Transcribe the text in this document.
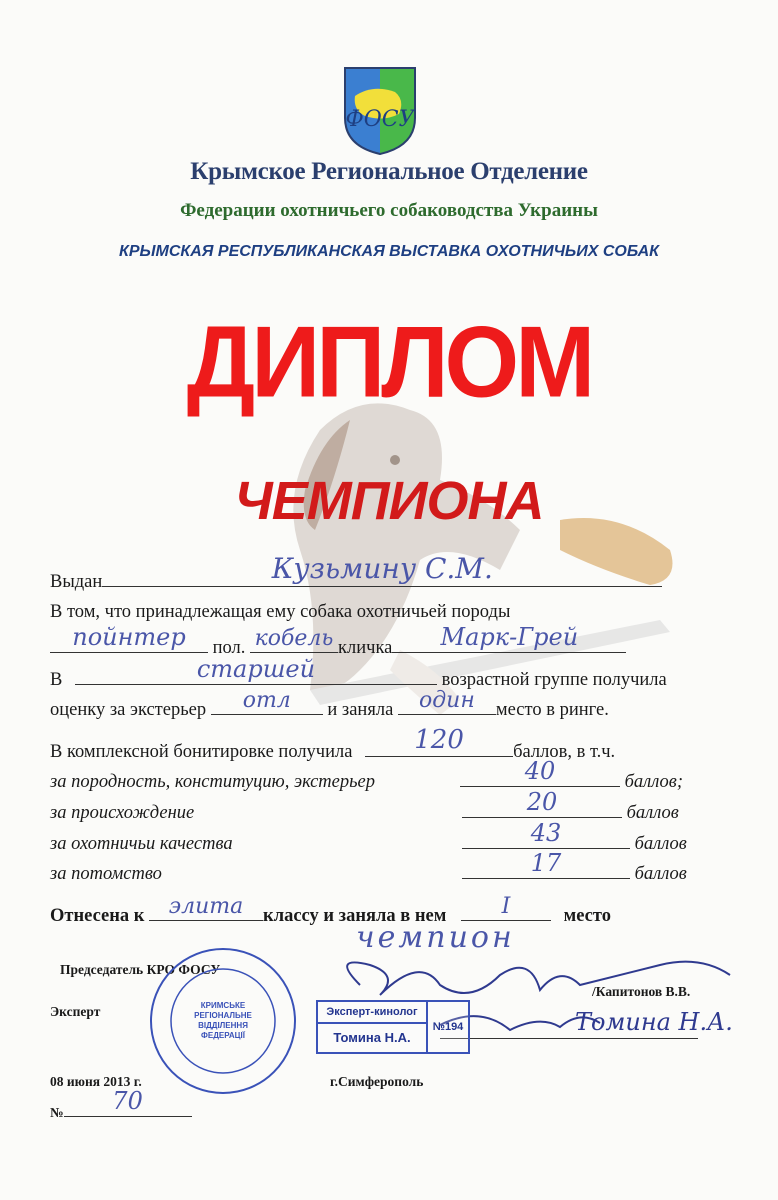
ФОСУ
Крымское Региональное Отделение
Федерации охотничьего собаководства Украины
КРЫМСКАЯ РЕСПУБЛИКАНСКАЯ ВЫСТАВКА ОХОТНИЧЬИХ СОБАК
ДИПЛОМ
ЧЕМПИОНА
Выдан	Кузьмину С.М.
В том, что принадлежащая ему собака охотничьей породы
пойнтер	пол. кобель кличка	Марк-Грей
В	старшей	возрастной группе получила
оценку за экстерьер	отл	и заняла	один	место в ринге.
В комплексной бонитировке получила	120	баллов, в т.ч.
за породность, конституцию, экстерьер	40	баллов;
за происхождение	20	баллов
за охотничьи качества	43	баллов
за потомство	17	баллов
Отнесена к	элита	классу и заняла в нем	I	место
чемпион
Председатель КРО ФОСУ
/Капитонов В.В.
Эксперт	Томина Н.А.
КРИМСЬКЕ
РЕГІОНАЛЬНЕ
ВІДДІЛЕННЯ
ФЕДЕРАЦІЇ
Эксперт-кинолог
Томина Н.А.
№194
08 июня 2013 г.	г.Симферополь
№	70
